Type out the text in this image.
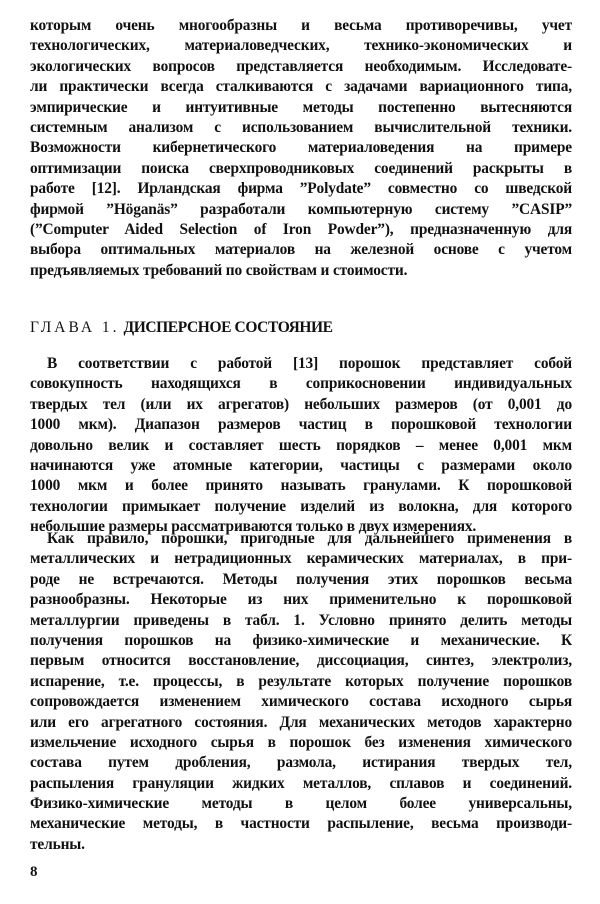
которым очень многообразны и весьма противоречивы, учет
технологических, материаловедческих, технико-экономических и
экологических вопросов представляется необходимым. Исследовате-
ли практически всегда сталкиваются с задачами вариационного типа,
эмпирические и интуитивные методы постепенно вытесняются
системным анализом с использованием вычислительной техники.
Возможности кибернетического материаловедения на примере
оптимизации поиска сверхпроводниковых соединений раскрыты в
работе [12]. Ирландская фирма ”Polydate” совместно со шведской
фирмой ”Höganäs” разработали компьютерную систему ”CASIP”
(”Computer Aided Selection of Iron Powder”), предназначенную для
выбора оптимальных материалов на железной основе с учетом
предъявляемых требований по свойствам и стоимости.
ГЛАВА 1. ДИСПЕРСНОЕ СОСТОЯНИЕ
В соответствии с работой [13] порошок представляет собой
совокупность находящихся в соприкосновении индивидуальных
твердых тел (или их агрегатов) небольших размеров (от 0,001 до
1000 мкм). Диапазон размеров частиц в порошковой технологии
довольно велик и составляет шесть порядков – менее 0,001 мкм
начинаются уже атомные категории, частицы с размерами около
1000 мкм и более принято называть гранулами. К порошковой
технологии примыкает получение изделий из волокна, для которого
небольшие размеры рассматриваются только в двух измерениях.
Как правило, порошки, пригодные для дальнейшего применения в
металлических и нетрадиционных керамических материалах, в при-
роде не встречаются. Методы получения этих порошков весьма
разнообразны. Некоторые из них применительно к порошковой
металлургии приведены в табл. 1. Условно принято делить методы
получения порошков на физико-химические и механические. К
первым относится восстановление, диссоциация, синтез, электролиз,
испарение, т.е. процессы, в результате которых получение порошков
сопровождается изменением химического состава исходного сырья
или его агрегатного состояния. Для механических методов характерно
измельчение исходного сырья в порошок без изменения химического
состава путем дробления, размола, истирания твердых тел,
распыления грануляции жидких металлов, сплавов и соединений.
Физико-химические методы в целом более универсальны,
механические методы, в частности распыление, весьма производи-
тельны.
8
